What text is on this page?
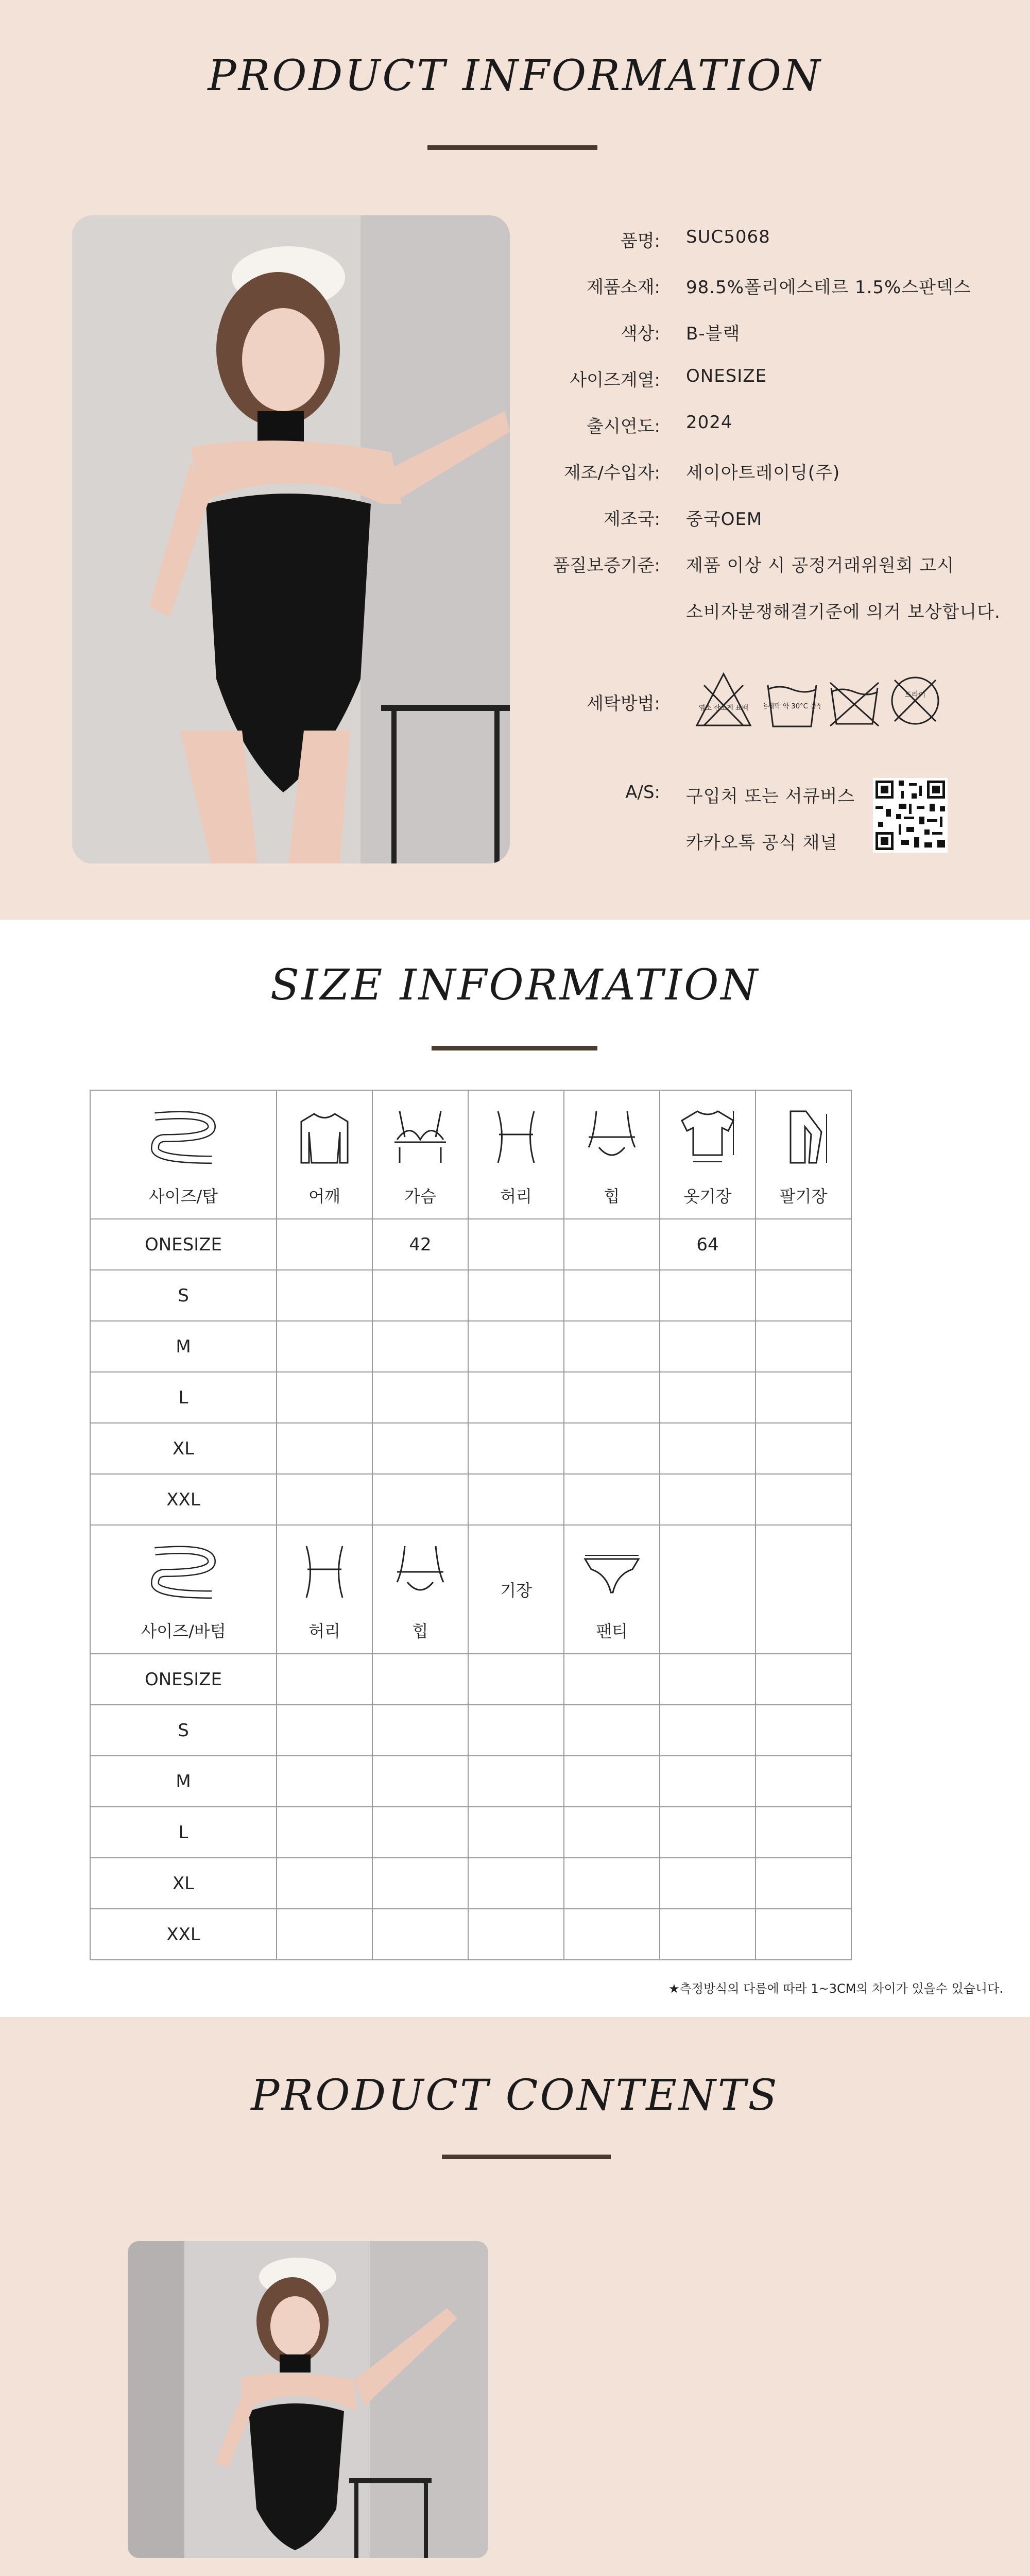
PRODUCT INFORMATION
품명: SUC5068
제품소재: 98.5%폴리에스테르 1.5%스판덱스
색상: B-블랙
사이즈계열: ONESIZE
출시연도: 2024
제조/수입자: 세이아트레이딩(주)
제조국: 중국OEM
품질보증기준: 제품 이상 시 공정거래위원회 고시
소비자분쟁해결기준에 의거 보상합니다.
세탁방법:	염소 산소계 표백 손세탁 약 30°C 중성
드라이
A/S: 구입처 또는 서큐버스
카카오톡 공식 채널
SIZE INFORMATION
사이즈/탑	어깨	가슴	허리	힙	옷기장	팔기장

ONESIZE		42			64	
S						
M						
L						
XL						
XXL						

사이즈/바텀	허리	힙	기장	팬티		

ONESIZE						
S						
M						
L						
XL						
XXL						
★측정방식의 다름에 따라 1~3CM의 차이가 있을수 있습니다.
PRODUCT CONTENTS
